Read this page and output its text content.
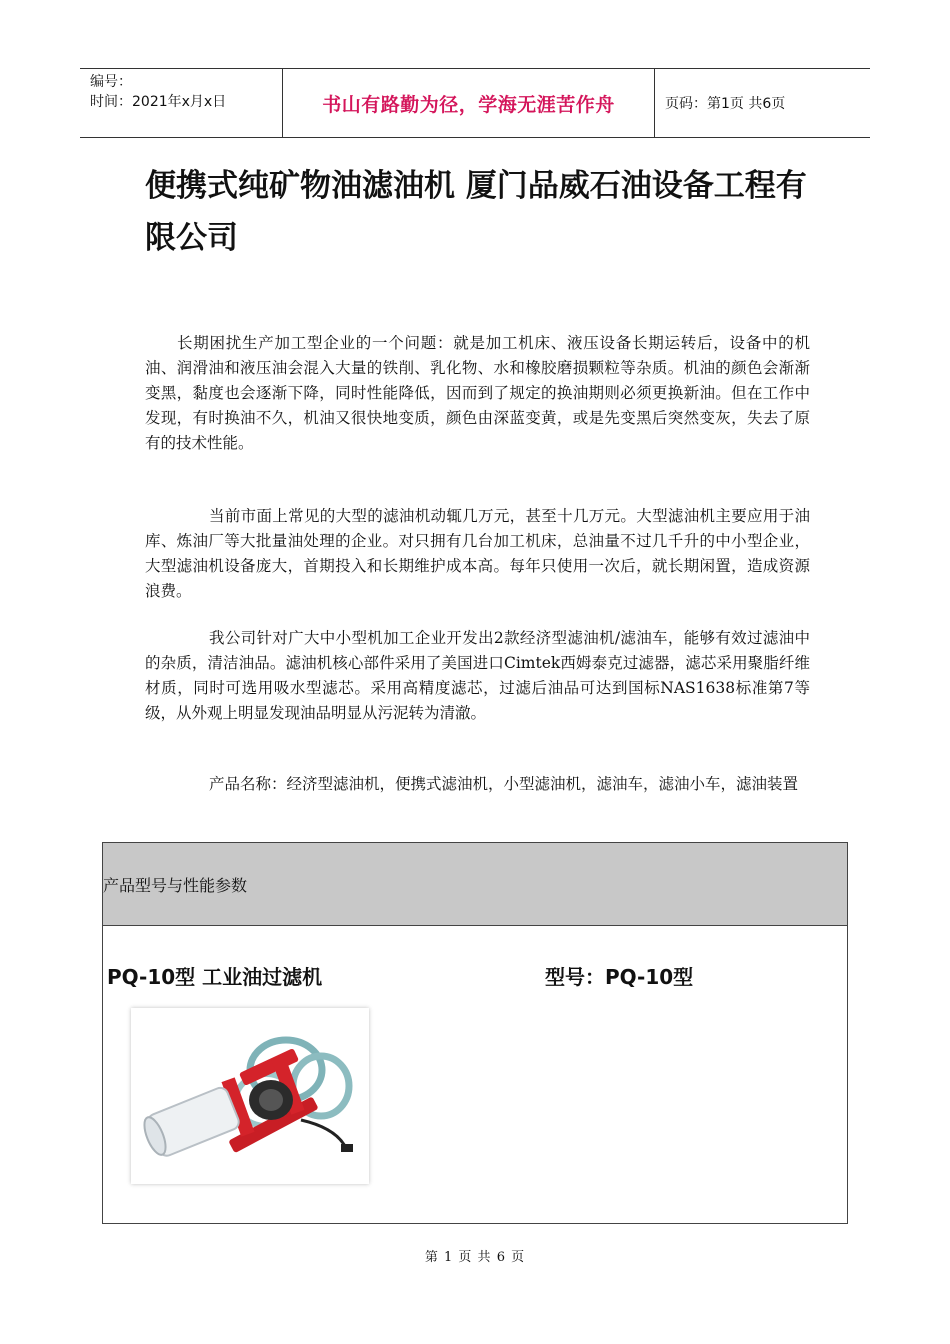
编号：
时间：2021年x月x日	书山有路勤为径，学海无涯苦作舟	页码：第1页 共6页
便携式纯矿物油滤油机 厦门品威石油设备工程有限公司
长期困扰生产加工型企业的一个问题：就是加工机床、液压设备长期运转后，设备中的机油、润滑油和液压油会混入大量的铁削、乳化物、水和橡胶磨损颗粒等杂质。机油的颜色会渐渐变黑，黏度也会逐渐下降，同时性能降低，因而到了规定的换油期则必须更换新油。但在工作中发现，有时换油不久，机油又很快地变质，颜色由深蓝变黄，或是先变黑后突然变灰，失去了原有的技术性能。
当前市面上常见的大型的滤油机动辄几万元，甚至十几万元。大型滤油机主要应用于油库、炼油厂等大批量油处理的企业。对只拥有几台加工机床，总油量不过几千升的中小型企业，大型滤油机设备庞大，首期投入和长期维护成本高。每年只使用一次后，就长期闲置，造成资源浪费。
我公司针对广大中小型机加工企业开发出2款经济型滤油机/滤油车，能够有效过滤油中的杂质，清洁油品。滤油机核心部件采用了美国进口Cimtek西姆泰克过滤器，滤芯采用聚脂纤维材质，同时可选用吸水型滤芯。采用高精度滤芯，过滤后油品可达到国标NAS1638标准第7等级，从外观上明显发现油品明显从污泥转为清澈。
产品名称：经济型滤油机，便携式滤油机，小型滤油机，滤油车，滤油小车，滤油装置
产品型号与性能参数
PQ-10型 工业油过滤机	型号：PQ-10型
第 1 页 共 6 页
